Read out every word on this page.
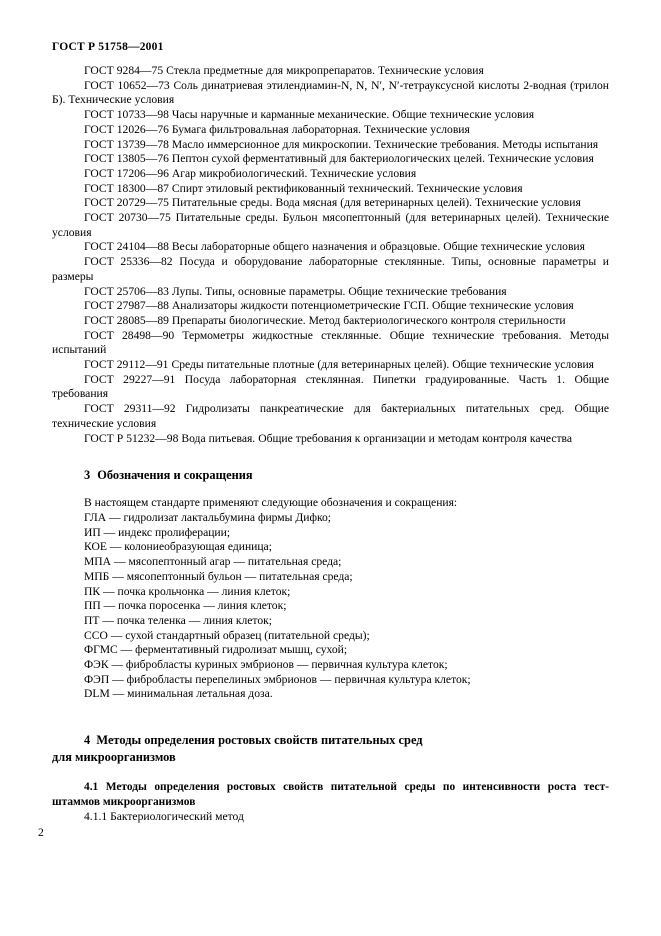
ГОСТ Р 51758—2001

ГОСТ 9284—75 Стекла предметные для микропрепаратов. Технические условия

ГОСТ 10652—73 Соль динатриевая этилендиамин-N, N, N′, N′-тетрауксусной кислоты 2-водная (трилон Б). Технические условия

ГОСТ 10733—98 Часы наручные и карманные механические. Общие технические условия

ГОСТ 12026—76 Бумага фильтровальная лабораторная. Технические условия

ГОСТ 13739—78 Масло иммерсионное для микроскопии. Технические требования. Методы испытания

ГОСТ 13805—76 Пептон сухой ферментативный для бактериологических целей. Технические условия

ГОСТ 17206—96 Агар микробиологический. Технические условия

ГОСТ 18300—87 Спирт этиловый ректификованный технический. Технические условия

ГОСТ 20729—75 Питательные среды. Вода мясная (для ветеринарных целей). Технические условия

ГОСТ 20730—75 Питательные среды. Бульон мясопептонный (для ветеринарных целей). Технические условия

ГОСТ 24104—88 Весы лабораторные общего назначения и образцовые. Общие технические условия

ГОСТ 25336—82 Посуда и оборудование лабораторные стеклянные. Типы, основные параметры и размеры

ГОСТ 25706—83 Лупы. Типы, основные параметры. Общие технические требования

ГОСТ 27987—88 Анализаторы жидкости потенциометрические ГСП. Общие технические условия

ГОСТ 28085—89 Препараты биологические. Метод бактериологического контроля стерильности

ГОСТ 28498—90 Термометры жидкостные стеклянные. Общие технические требования. Методы испытаний

ГОСТ 29112—91 Среды питательные плотные (для ветеринарных целей). Общие технические условия

ГОСТ 29227—91 Посуда лабораторная стеклянная. Пипетки градуированные. Часть 1. Общие требования

ГОСТ 29311—92 Гидролизаты панкреатические для бактериальных питательных сред. Общие технические условия

ГОСТ Р 51232—98 Вода питьевая. Общие требования к организации и методам контроля качества

3 Обозначения и сокращения

В настоящем стандарте применяют следующие обозначения и сокращения:

ГЛА — гидролизат лактальбумина фирмы Дифко;

ИП — индекс пролиферации;

КОЕ — колониеобразующая единица;

МПА — мясопептонный агар — питательная среда;

МПБ — мясопептонный бульон — питательная среда;

ПК — почка крольчонка — линия клеток;

ПП — почка поросенка — линия клеток;

ПТ — почка теленка — линия клеток;

ССО — сухой стандартный образец (питательной среды);

ФГМС — ферментативный гидролизат мышц, сухой;

ФЭК — фибробласты куриных эмбрионов — первичная культура клеток;

ФЭП — фибробласты перепелиных эмбрионов — первичная культура клеток;

DLM — минимальная летальная доза.

4 Методы определения ростовых свойств питательных сред
для микроорганизмов
4.1 Методы определения ростовых свойств питательной среды по интенсивности роста тест-штаммов микроорганизмов

4.1.1 Бактериологический метод

2
